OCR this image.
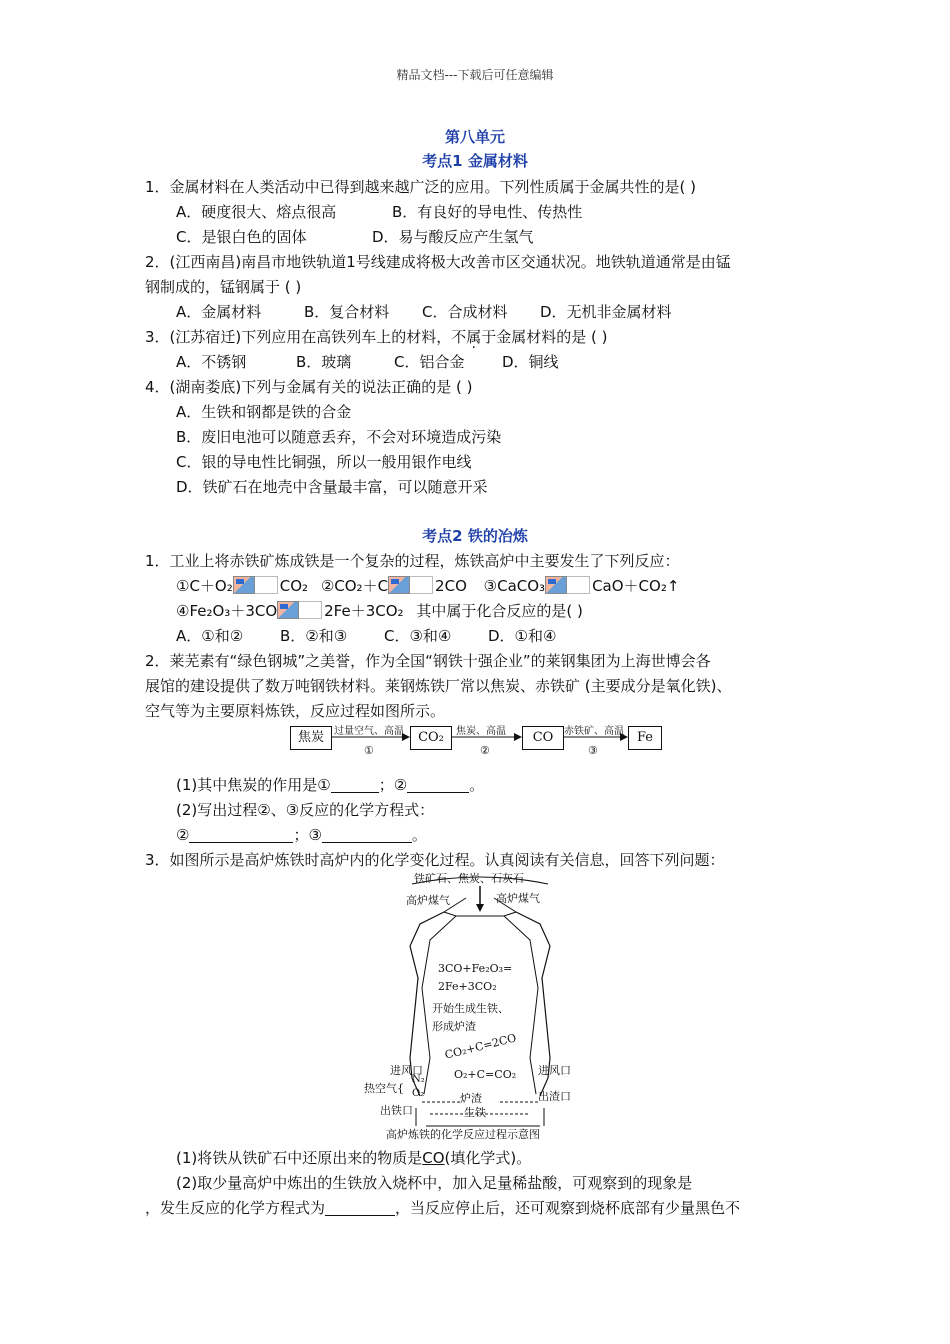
精品文档---下载后可任意编辑
第八单元
考点1 金属材料
1．金属材料在人类活动中已得到越来越广泛的应用。下列性质属于金属共性的是( )
A．硬度很大、熔点很高	B．有良好的导电性、传热性
C．是银白色的固体	D．易与酸反应产生氢气
2．(江西南昌)南昌市地铁轨道1号线建成将极大改善市区交通状况。地铁轨道通常是由锰
钢制成的，锰钢属于 ( )
A．金属材料	B．复合材料 C．合成材料 D．无机非金属材料
3．(江苏宿迁)下列应用在高铁列车上的材料，不属于金属材料的是 ( )
A．不锈钢	B．玻璃	C．铝合金	D．铜线
4．(湖南娄底)下列与金属有关的说法正确的是 ( )
A．生铁和钢都是铁的合金
B．废旧电池可以随意丢弃，不会对环境造成污染
C．银的导电性比铜强，所以一般用银作电线
D．铁矿石在地壳中含量最丰富，可以随意开采
考点2 铁的冶炼
1．工业上将赤铁矿炼成铁是一个复杂的过程，炼铁高炉中主要发生了下列反应：
①C＋O₂	CO₂ ②CO₂＋C	2CO ③CaCO₃	CaO＋CO₂↑
④Fe₂O₃＋3CO	2Fe＋3CO₂ 其中属于化合反应的是( )
A．①和② B．②和③ C．③和④ D．①和④
2．莱芜素有“绿色钢城”之美誉，作为全国“钢铁十强企业”的莱钢集团为上海世博会各
展馆的建设提供了数万吨钢铁材料。莱钢炼铁厂常以焦炭、赤铁矿 (主要成分是氧化铁)、
空气等为主要原料炼铁，反应过程如图所示。
焦炭	CO₂	CO	Fe
过量空气、高温	焦炭、高温	赤铁矿、高温
①	②	③
(1)其中焦炭的作用是①	；②	。
(2)写出过程②、③反应的化学方程式：
②	；③	。
3．如图所示是高炉炼铁时高炉内的化学变化过程。认真阅读有关信息，回答下列问题：
铁矿石、焦炭、石灰石
高炉煤气	高炉煤气
3CO+Fe₂O₃=
2Fe+3CO₂
开始生成生铁、
形成炉渣
CO₂+C=2CO
进风口	进风口
热空气{
N₂
O₂
O₂+C=CO₂
炉渣	出渣口
生铁
出铁口
高炉炼铁的化学反应过程示意图
(1)将铁从铁矿石中还原出来的物质是CO(填化学式)。
(2)取少量高炉中炼出的生铁放入烧杯中，加入足量稀盐酸，可观察到的现象是
，发生反应的化学方程式为	，当反应停止后，还可观察到烧杯底部有少量黑色不
